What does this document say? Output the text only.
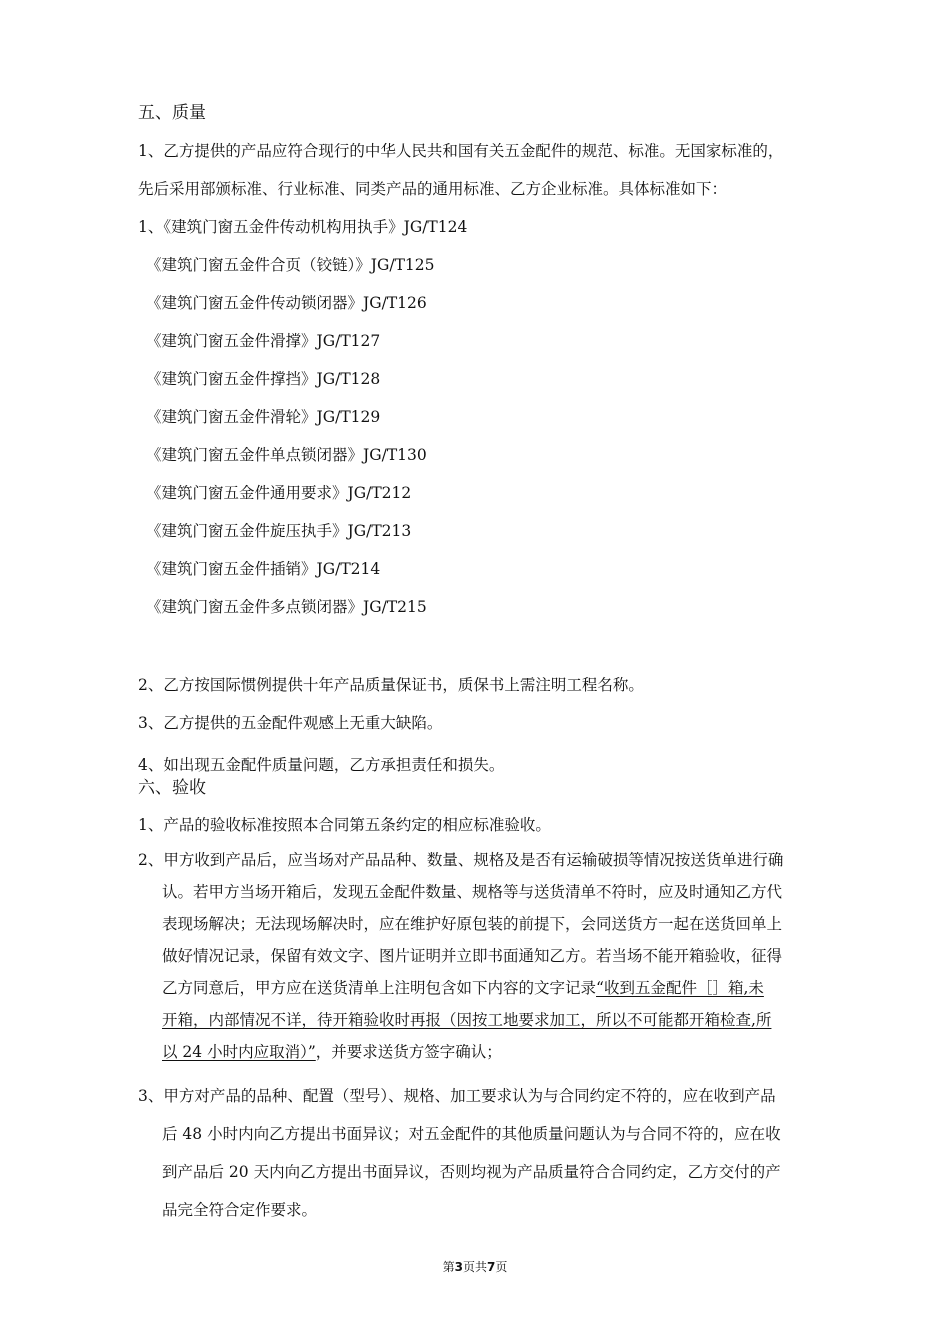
五、质量
1、乙方提供的产品应符合现行的中华人民共和国有关五金配件的规范、标准。无国家标准的，
先后采用部颁标准、行业标准、同类产品的通用标准、乙方企业标准。具体标准如下：
1、《建筑门窗五金件传动机构用执手》JG/T124
《建筑门窗五金件合页（铰链）》JG/T125
《建筑门窗五金件传动锁闭器》JG/T126
《建筑门窗五金件滑撑》JG/T127
《建筑门窗五金件撑挡》JG/T128
《建筑门窗五金件滑轮》JG/T129
《建筑门窗五金件单点锁闭器》JG/T130
《建筑门窗五金件通用要求》JG/T212
《建筑门窗五金件旋压执手》JG/T213
《建筑门窗五金件插销》JG/T214
《建筑门窗五金件多点锁闭器》JG/T215
2、乙方按国际惯例提供十年产品质量保证书，质保书上需注明工程名称。
3、乙方提供的五金配件观感上无重大缺陷。
4、如出现五金配件质量问题，乙方承担责任和损失。
六、验收
1、产品的验收标准按照本合同第五条约定的相应标准验收。
2、甲方收到产品后，应当场对产品品种、数量、规格及是否有运输破损等情况按送货单进行确
认。若甲方当场开箱后，发现五金配件数量、规格等与送货清单不符时，应及时通知乙方代
表现场解决；无法现场解决时，应在维护好原包装的前提下，会同送货方一起在送货回单上
做好情况记录，保留有效文字、图片证明并立即书面通知乙方。若当场不能开箱验收，征得
乙方同意后，甲方应在送货清单上注明包含如下内容的文字记录“收到五金配件［］箱,未
开箱，内部情况不详，待开箱验收时再报（因按工地要求加工，所以不可能都开箱检查,所
以 24 小时内应取消）”，并要求送货方签字确认；
3、甲方对产品的品种、配置（型号）、规格、加工要求认为与合同约定不符的，应在收到产品
后 48 小时内向乙方提出书面异议；对五金配件的其他质量问题认为与合同不符的，应在收
到产品后 20 天内向乙方提出书面异议，否则均视为产品质量符合合同约定，乙方交付的产
品完全符合定作要求。
第3页共7页
